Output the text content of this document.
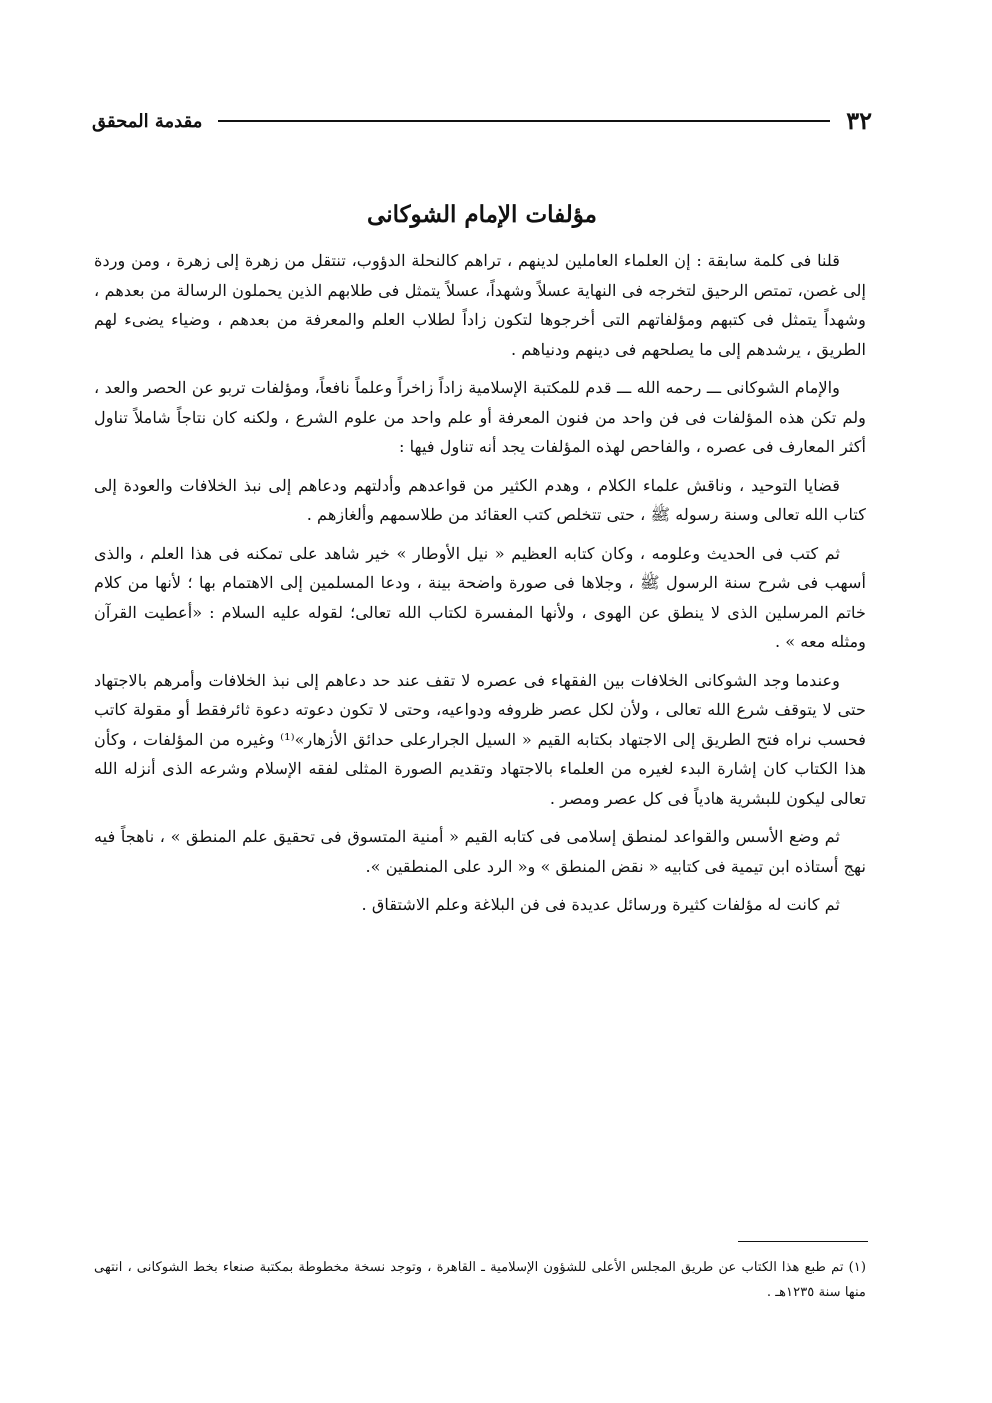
٣٢
مقدمة المحقق
مؤلفات الإمام الشوكانى

قلنا فى كلمة سابقة : إن العلماء العاملين لدينهم ، تراهم كالنحلة الدؤوب، تنتقل من زهرة إلى زهرة ، ومن وردة إلى غصن، تمتص الرحيق لتخرجه فى النهاية عسلاً وشهداً، عسلاً يتمثل فى طلابهم الذين يحملون الرسالة من بعدهم ، وشهداً يتمثل فى كتبهم ومؤلفاتهم التى أخرجوها لتكون زاداً لطلاب العلم والمعرفة من بعدهم ، وضياء يضىء لهم الطريق ، يرشدهم إلى ما يصلحهم فى دينهم ودنياهم .

والإمام الشوكانى ـــ رحمه الله ـــ قدم للمكتبة الإسلامية زاداً زاخراً وعلماً نافعاً، ومؤلفات تربو عن الحصر والعد ، ولم تكن هذه المؤلفات فى فن واحد من فنون المعرفة أو علم واحد من علوم الشرع ، ولكنه كان نتاجاً شاملاً تناول أكثر المعارف فى عصره ، والفاحص لهذه المؤلفات يجد أنه تناول فيها :

قضايا التوحيد ، وناقش علماء الكلام ، وهدم الكثير من قواعدهم وأدلتهم ودعاهم إلى نبذ الخلافات والعودة إلى كتاب الله تعالى وسنة رسوله ﷺ ، حتى تتخلص كتب العقائد من طلاسمهم وألغازهم .

ثم كتب فى الحديث وعلومه ، وكان كتابه العظيم « نيل الأوطار » خير شاهد على تمكنه فى هذا العلم ، والذى أسهب فى شرح سنة الرسول ﷺ ، وجلاها فى صورة واضحة بينة ، ودعا المسلمين إلى الاهتمام بها ؛ لأنها من كلام خاتم المرسلين الذى لا ينطق عن الهوى ، ولأنها المفسرة لكتاب الله تعالى؛ لقوله عليه السلام : «أعطيت القرآن ومثله معه » .

وعندما وجد الشوكانى الخلافات بين الفقهاء فى عصره لا تقف عند حد دعاهم إلى نبذ الخلافات وأمرهم بالاجتهاد حتى لا يتوقف شرع الله تعالى ، ولأن لكل عصر ظروفه ودواعيه، وحتى لا تكون دعوته دعوة ثائرفقط أو مقولة كاتب فحسب نراه فتح الطريق إلى الاجتهاد بكتابه القيم « السيل الجرارعلى حدائق الأزهار»⁽¹⁾ وغيره من المؤلفات ، وكأن هذا الكتاب كان إشارة البدء لغيره من العلماء بالاجتهاد وتقديم الصورة المثلى لفقه الإسلام وشرعه الذى أنزله الله تعالى ليكون للبشرية هادياً فى كل عصر ومصر .

ثم وضع الأسس والقواعد لمنطق إسلامى فى كتابه القيم « أمنية المتسوق فى تحقيق علم المنطق » ، ناهجاً فيه نهج أستاذه ابن تيمية فى كتابيه « نقض المنطق » و« الرد على المنطقين ».

ثم كانت له مؤلفات كثيرة ورسائل عديدة فى فن البلاغة وعلم الاشتقاق .

(١) تم طبع هذا الكتاب عن طريق المجلس الأعلى للشؤون الإسلامية ـ القاهرة ، وتوجد نسخة مخطوطة بمكتبة صنعاء بخط الشوكانى ، انتهى منها سنة ١٢٣٥هـ .
